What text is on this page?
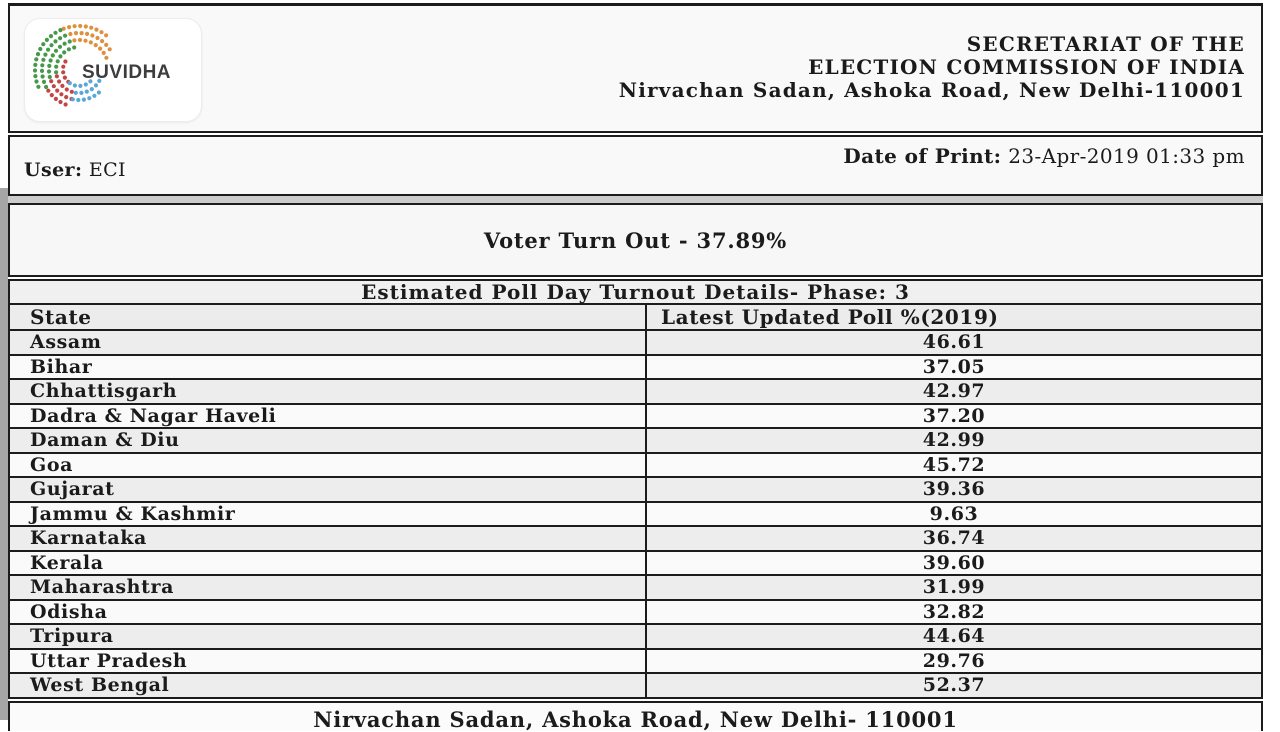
SUVIDHA
SECRETARIAT OF THE
ELECTION COMMISSION OF INDIA
Nirvachan Sadan, Ashoka Road, New Delhi-110001
User: ECI
Date of Print: 23-Apr-2019 01:33 pm
Voter Turn Out - 37.89%
Estimated Poll Day Turnout Details- Phase: 3
State	Latest Updated Poll %(2019)
Assam	46.61
Bihar	37.05
Chhattisgarh	42.97
Dadra & Nagar Haveli	37.20
Daman & Diu	42.99
Goa	45.72
Gujarat	39.36
Jammu & Kashmir	9.63
Karnataka	36.74
Kerala	39.60
Maharashtra	31.99
Odisha	32.82
Tripura	44.64
Uttar Pradesh	29.76
West Bengal	52.37
Nirvachan Sadan, Ashoka Road, New Delhi- 110001
